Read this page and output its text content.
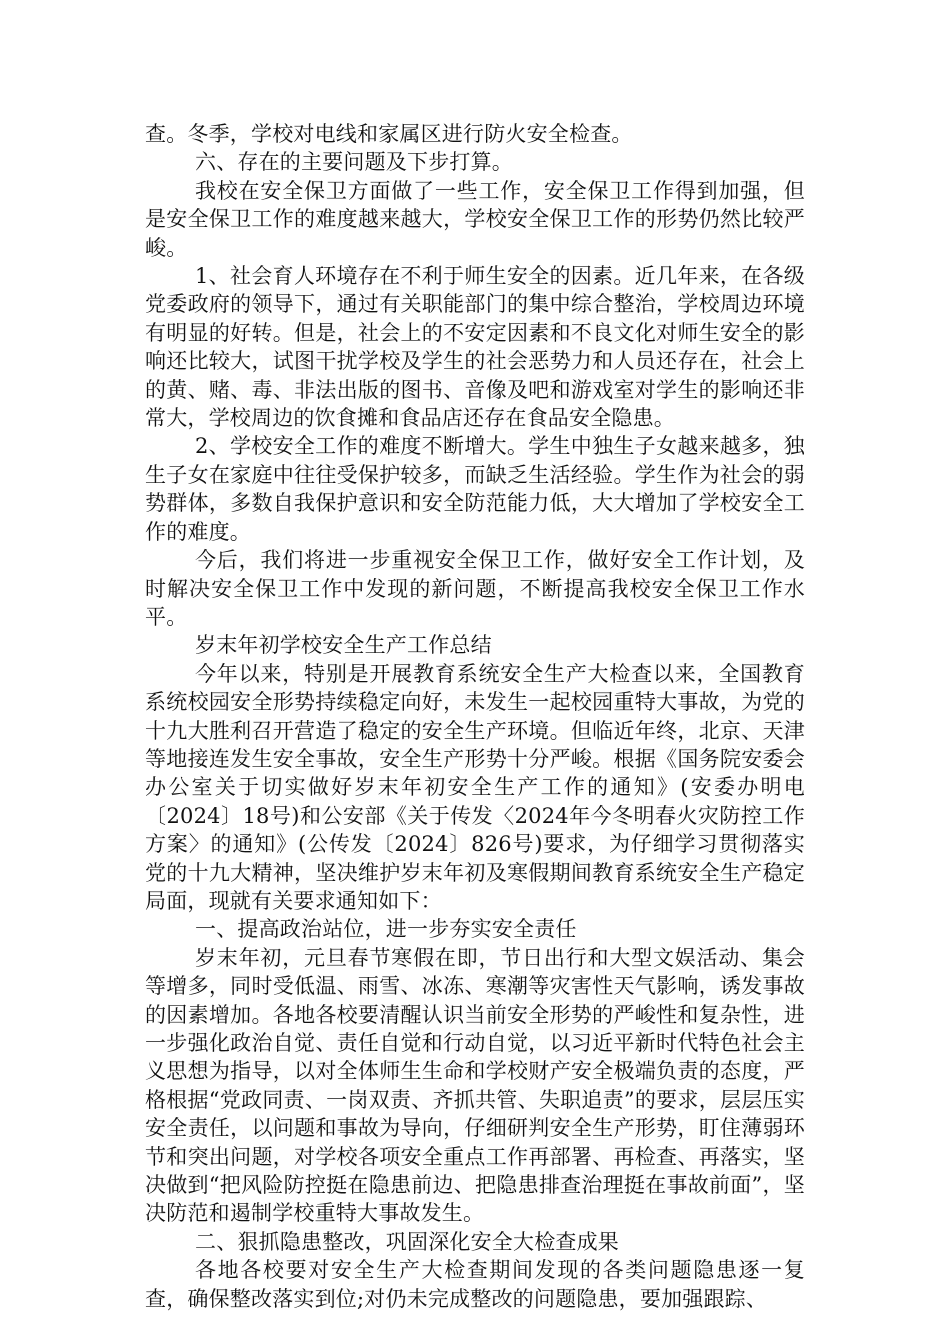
查。冬季，学校对电线和家属区进行防火安全检查。

六、存在的主要问题及下步打算。

我校在安全保卫方面做了一些工作，安全保卫工作得到加强，但是安全保卫工作的难度越来越大，学校安全保卫工作的形势仍然比较严峻。

1、社会育人环境存在不利于师生安全的因素。近几年来，在各级党委政府的领导下，通过有关职能部门的集中综合整治，学校周边环境有明显的好转。但是，社会上的不安定因素和不良文化对师生安全的影响还比较大，试图干扰学校及学生的社会恶势力和人员还存在，社会上的黄、赌、毒、非法出版的图书、音像及吧和游戏室对学生的影响还非常大，学校周边的饮食摊和食品店还存在食品安全隐患。

2、学校安全工作的难度不断增大。学生中独生子女越来越多，独生子女在家庭中往往受保护较多，而缺乏生活经验。学生作为社会的弱势群体，多数自我保护意识和安全防范能力低，大大增加了学校安全工作的难度。

今后，我们将进一步重视安全保卫工作，做好安全工作计划，及时解决安全保卫工作中发现的新问题，不断提高我校安全保卫工作水平。

岁末年初学校安全生产工作总结

今年以来，特别是开展教育系统安全生产大检查以来，全国教育系统校园安全形势持续稳定向好，未发生一起校园重特大事故，为党的十九大胜利召开营造了稳定的安全生产环境。但临近年终，北京、天津等地接连发生安全事故，安全生产形势十分严峻。根据《国务院安委会办公室关于切实做好岁末年初安全生产工作的通知》(安委办明电〔2024〕18号)和公安部《关于传发〈2024年今冬明春火灾防控工作方案〉的通知》(公传发〔2024〕826号)要求，为仔细学习贯彻落实党的十九大精神，坚决维护岁末年初及寒假期间教育系统安全生产稳定局面，现就有关要求通知如下：

一、提高政治站位，进一步夯实安全责任

岁末年初，元旦春节寒假在即，节日出行和大型文娱活动、集会等增多，同时受低温、雨雪、冰冻、寒潮等灾害性天气影响，诱发事故的因素增加。各地各校要清醒认识当前安全形势的严峻性和复杂性，进一步强化政治自觉、责任自觉和行动自觉，以习近平新时代特色社会主义思想为指导，以对全体师生生命和学校财产安全极端负责的态度，严格根据“党政同责、一岗双责、齐抓共管、失职追责”的要求，层层压实安全责任，以问题和事故为导向，仔细研判安全生产形势，盯住薄弱环节和突出问题，对学校各项安全重点工作再部署、再检查、再落实，坚决做到“把风险防控挺在隐患前边、把隐患排查治理挺在事故前面”，坚决防范和遏制学校重特大事故发生。

二、狠抓隐患整改，巩固深化安全大检查成果

各地各校要对安全生产大检查期间发现的各类问题隐患逐一复查，确保整改落实到位;对仍未完成整改的问题隐患，要加强跟踪、
